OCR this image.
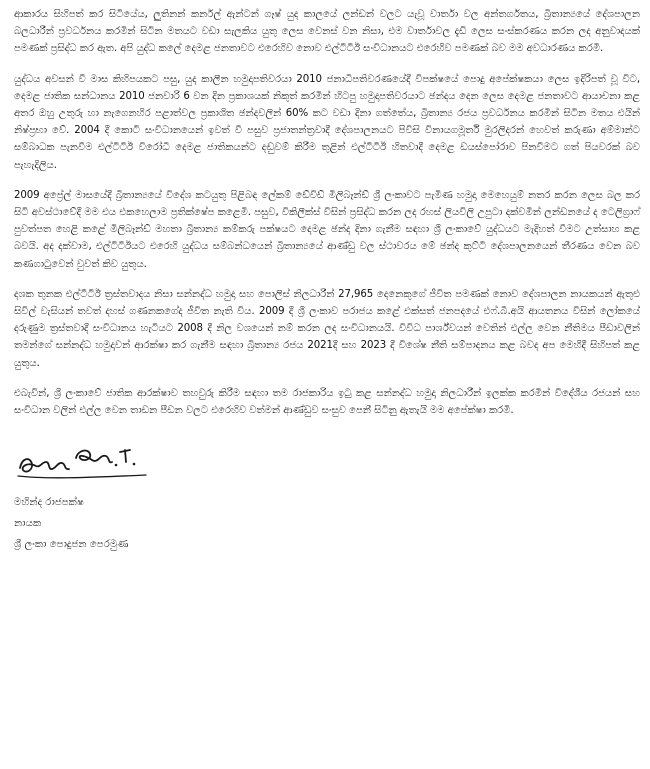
ආකාරය සිහිපත් කර සිටියේය, ලුතිනන් කර්නල් ඇන්ටන් ගෑෂ් යුද කාලයේ ලන්ඩන් වලට යැවූ වාර්තා වල අන්තර්ගතය, බ්‍රිතාන්‍යයේ දේශපාලන බලධාරීන් ප්‍රවර්ධනය කරමින් සිටින මතයට වඩා සැලකිය යුතු ලෙස වෙනස් වන නිසා, එම වාර්තාවල දැඩි ලෙස සංස්කරණය කරන ලද අනුවාදයක් පමණක් ප්‍රසිද්ධ කර ඇත. අපි යුද්ධ කලේ දෙමළ ජනතාවට එරෙහිව නොව එල්ටීටීඊ සංවිධානයට එරෙහිව පමණක් බව මම අවධාරණය කරමි.

යුද්ධය අවසන් වී මාස කිහිපයකට පසු, යුද කාලීන හමුදාපතිවරයා 2010 ජනාධිපතිවරණයේදී විපක්ෂයේ පොදු අපේක්ෂකයා ලෙස ඉදිරිපත් වූ විට, දෙමළ ජාතික සන්ධානය 2010 ජනවාරි 6 වන දින ප්‍රකාශයක් නිකුත් කරමින් හිටපු හමුදාපතිවරයාට ඡන්දය දෙන ලෙස දෙමළ ජනතාවට ආයාචනා කළ අතර ඔහු උතුරු හා නැගෙනහිර පළාත්වල ප්‍රකාශිත ඡන්දවලින් 60% කට වඩා දිනා ගත්තේය, බ්‍රිතාන්‍ය රජය ප්‍රවර්ධනය කරමින් සිටින මතය එයින් නිෂ්ප්‍රභා වේ. 2004 දී කොටි සංවිධානයෙන් ඉවත් වී පසුව ප්‍රජාතන්ත්‍රවාදී දේශපාලනයට පිවිසි විනායගමූර්ති මුරලිදරන් හෙවත් කරුණා අම්මාන්ට සම්බාධක පැනවීම එල්ටීටීඊ විරෝධී දෙමළ ජාතිකයන්ට දඬුවම් කිරීම තුළින් එල්ටීටීඊ හිතවාදී දෙමළ ඩයස්පෝරාව පිනවීමට ගත් පියවරක් බව පැහැදිලිය.

2009 අප්‍රේල් මාසයේදී බ්‍රිතාන්‍යයේ විදේශ කටයුතු පිළිබඳ ලේකම් ඩේවිඩ් මිලිබෑන්ඩ් ශ්‍රී ලංකාවට පැමිණ හමුදා මෙහෙයුම් නතර කරන ලෙස බල කර සිටි අවස්ථාවේදී මම එය එකහෙලාම ප්‍රතික්ෂේප කළෙමි. පසුව, විකිලීක්ස් විසින් ප්‍රසිද්ධ කරන ලද රහස් ලියවිලි උපුටා දක්වමින් ලන්ඩනයේ ද ටෙලිග්‍රාෆ් පුවත්පත හෙළි කළේ මිලිබෑන්ඩ් මහතා බ්‍රිතාන්‍ය කම්කරු පක්ෂයට දෙමළ ඡන්ද දිනා ගැනීම සඳහා ශ්‍රී ලංකාවේ යුද්ධයට මැදිහත් වීමට උත්සාහ කළ බවයි. අද දක්වාම, එල්ටීටීඊයට එරෙහි යුද්ධය සම්බන්ධයෙන් බ්‍රිතාන්‍යයේ ආණ්ඩු වල ස්ථාවරය මේ ඡන්ද කුට්ටි දේශපාලනයෙන් තීරණය වෙන බව කණගාටුවෙන් වුවත් කිව යුතුය.

දශක තුනක එල්ටීටීඊ ත්‍රස්තවාදය නිසා සන්නද්ධ හමුදා සහ පොලිස් නිලධාරීන් 27,965 දෙනෙකුගේ ජීවිත පමණක් නොව දේශපාලන නායකයන් ඇතුළු සිවිල් වැසියන් තවත් දහස් ගණනකගේද ජීවිත නැති විය. 2009 දී ශ්‍රී ලංකාව පරාජය කළේ එක්සත් ජනපදයේ එෆ්.බී.අයි ආයතනය විසින් ලෝකයේ දරුණුම ත්‍රස්තවාදී සංවිධානය හැටියට 2008 දී නිල වශයෙන් නම් කරන ලද සංවිධානයයි. විවිධ පාර්ශ්වයන් වෙතින් එල්ල වෙන නීතිමය පීඩාවලින් තමන්ගේ සන්නද්ධ හමුදාවන් ආරක්ෂා කර ගැනීම සඳහා බ්‍රිතාන්‍ය රජය 2021දී සහ 2023 දී විශේෂ නීති සම්පාදනය කළ බවද අප මෙහිදී සිහිපත් කළ යුතුය.

එබැවින්, ශ්‍රී ලංකාවේ ජාතික ආරක්ෂාව තහවුරු කිරීම සඳහා තම රාජකාරිය ඉටු කළ සන්නද්ධ හමුදා නිලධාරීන් ඉලක්ක කරමින් විදේශීය රජයන් සහ සංවිධාන වලින් එල්ල වෙන තාඩන පීඩන වලට එරෙහිව වත්මන් ආණ්ඩුව සංසුව පෙනී සිටිනු ඇතැයි මම අපේක්ෂා කරමි.

මහින්ද රාජපක්ෂ

නායක

ශ්‍රී ලංකා පොදුජන පෙරමුණ
